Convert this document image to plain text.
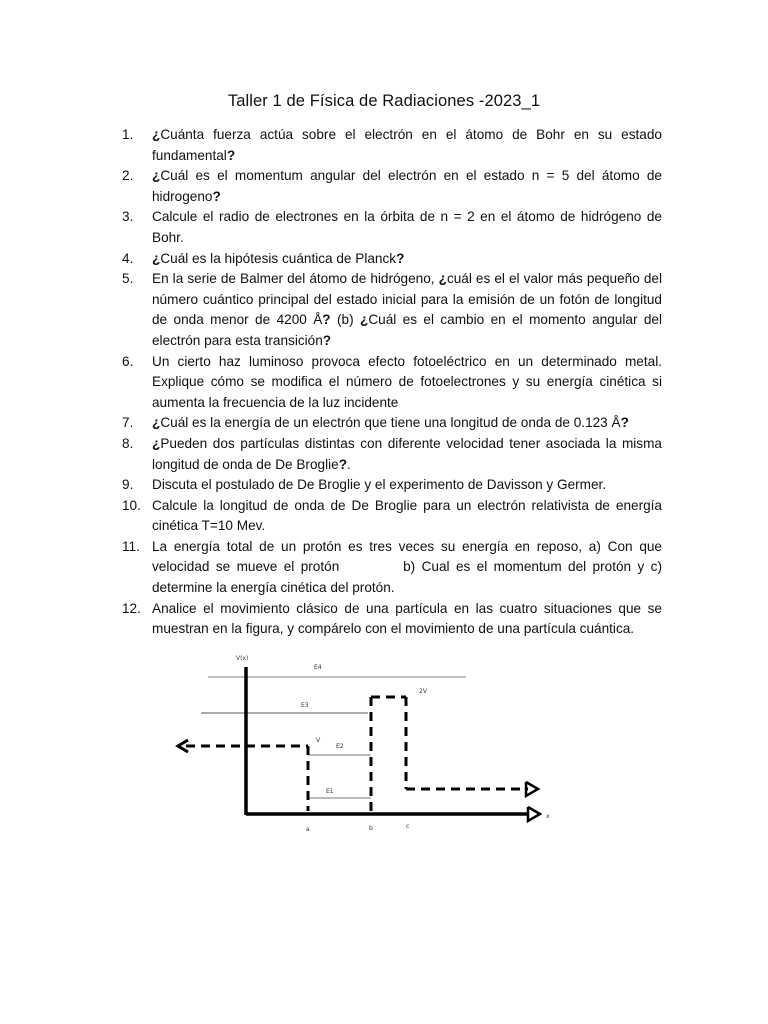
Taller 1 de Física de Radiaciones -2023_1
1 .	¿Cuánta fuerza actúa sobre el electrón en el átomo de Bohr en su estado fundamental?
2 .	¿Cuál es el momentum angular del electrón en el estado n = 5 del átomo de hidrogeno?
3 .	Calcule el radio de electrones en la órbita de n = 2 en el átomo de hidrógeno de Bohr.
4 .	¿Cuál es la hipótesis cuántica de Planck?
5 .	En la serie de Balmer del átomo de hidrógeno, ¿cuál es el el valor más pequeño del número cuántico principal del estado inicial para la emisión de un fotón de longitud de onda menor de 4200 Å? (b) ¿Cuál es el cambio en el momento angular del electrón para esta transición?
6 .	Un cierto haz luminoso provoca efecto fotoeléctrico en un determinado metal. Explique cómo se modifica el número de fotoelectrones y su energía cinética si aumenta la frecuencia de la luz incidente
7 .	¿Cuál es la energía de un electrón que tiene una longitud de onda de 0.123 Å?
8 .	¿Pueden dos partículas distintas con diferente velocidad tener asociada la misma longitud de onda de De Broglie?.
9 .	Discuta el postulado de De Broglie y el experimento de Davisson y Germer.
10 .	Calcule la longitud de onda de De Broglie para un electrón relativista de energía cinética T=10 Mev.
11 .	La energía total de un protón es tres veces su energía en reposo, a) Con que velocidad se mueve el protón          b) Cual es el momentum del protón y c) determine la energía cinética del protón.
12 .	Analice el movimiento clásico de una partícula en las cuatro situaciones que se muestran en la figura, y compárelo con el movimiento de una partícula cuántica.
V(x)
E4
E3
2V
V
E2
E1
a	b	c
x
